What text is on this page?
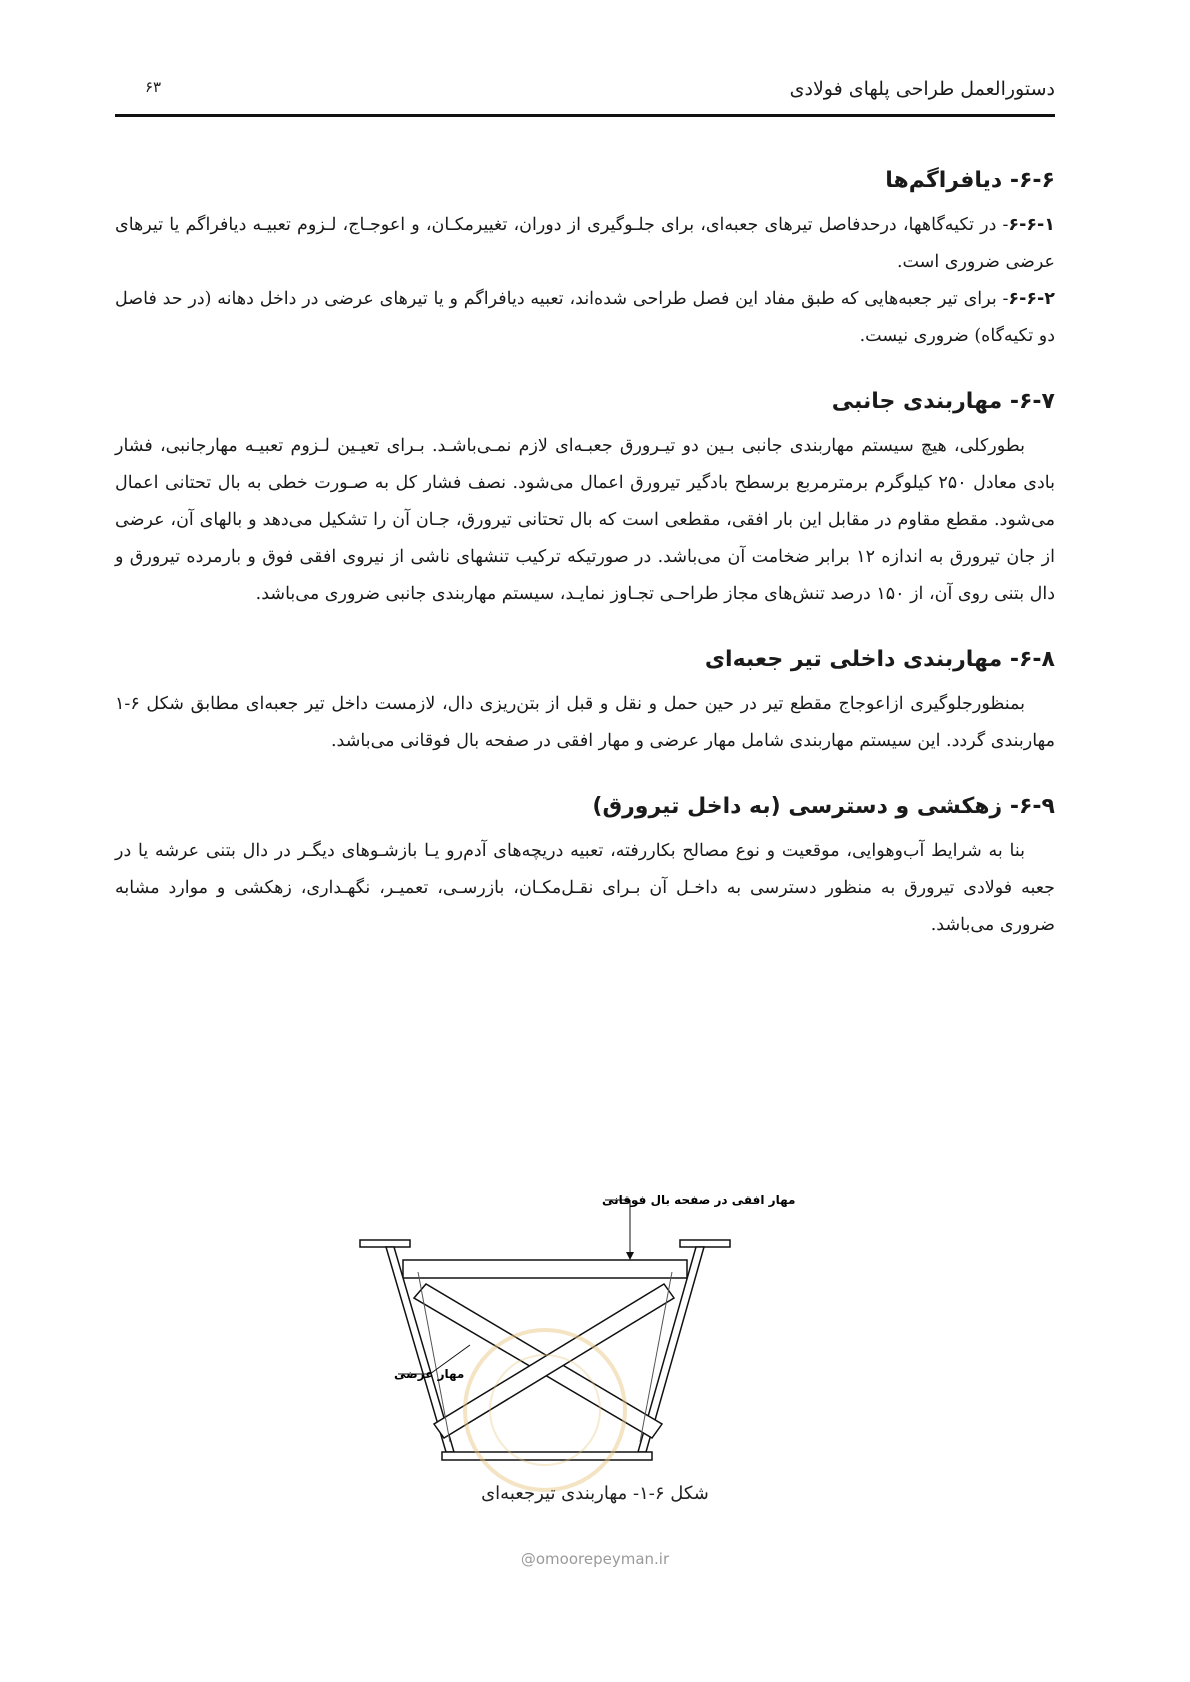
دستورالعمل طراحی پلهای فولادی
۶۳
۶-۶- دیافراگم‌ها

۶-۶-۱- در تکیه‌گاهها، درحدفاصل تیرهای جعبه‌ای، برای جلـوگیری از دوران، تغییرمکـان، و اعوجـاج، لـزوم تعبیـه دیافراگم یا تیرهای عرضی ضروری است.

۶-۶-۲- برای تیر جعبه‌هایی که طبق مفاد این فصل طراحی شده‌اند، تعبیه دیافراگم و یا تیرهای عرضی در داخل دهانه (در حد فاصل دو تکیه‌گاه) ضروری نیست.

۶-۷- مهاربندی جانبی

بطورکلی، هیچ سیستم مهاربندی جانبی بـین دو تیـرورق جعبـه‌ای لازم نمـی‌باشـد. بـرای تعیـین لـزوم تعبیـه مهارجانبی، فشار بادی معادل ۲۵۰ کیلوگرم برمترمربع برسطح بادگیر تیرورق اعمال می‌شود. نصف فشار کل به صـورت خطی به بال تحتانی اعمال می‌شود. مقطع مقاوم در مقابل این بار افقی، مقطعی است که بال تحتانی تیرورق، جـان آن را تشکیل می‌دهد و بالهای آن، عرضی از جان تیرورق به اندازه ۱۲ برابر ضخامت آن می‌باشد. در صورتیکه ترکیب تنشهای ناشی از نیروی افقی فوق و بارمرده تیرورق و دال بتنی روی آن، از ۱۵۰ درصد تنش‌های مجاز طراحـی تجـاوز نمایـد، سیستم مهاربندی جانبی ضروری می‌باشد.

۶-۸- مهاربندی داخلی تیر جعبه‌ای

بمنظورجلوگیری ازاعوجاج مقطع تیر در حین حمل و نقل و قبل از بتن‌ریزی دال، لازمست داخل تیر جعبه‌ای مطابق شکل ۶-۱ مهاربندی گردد. این سیستم مهاربندی شامل مهار عرضی و مهار افقی در صفحه بال فوقانی می‌باشد.

۶-۹- زهکشی و دسترسی (به داخل تیرورق)

بنا به شرایط آب‌وهوایی، موقعیت و نوع مصالح بکاررفته، تعبیه دریچه‌های آدم‌رو یـا بازشـوهای دیگـر در دال بتنی عرشه یا در جعبه فولادی تیرورق به منظور دسترسی به داخـل آن بـرای نقـل‌مکـان، بازرسـی، تعمیـر، نگهـداری، زهکشی و موارد مشابه ضروری می‌باشد.

مهار افقی در صفحه بال فوقانی
مهار عرضی
شکل ۶-۱- مهاربندی تیرجعبه‌ای
@omoorepeyman.ir
